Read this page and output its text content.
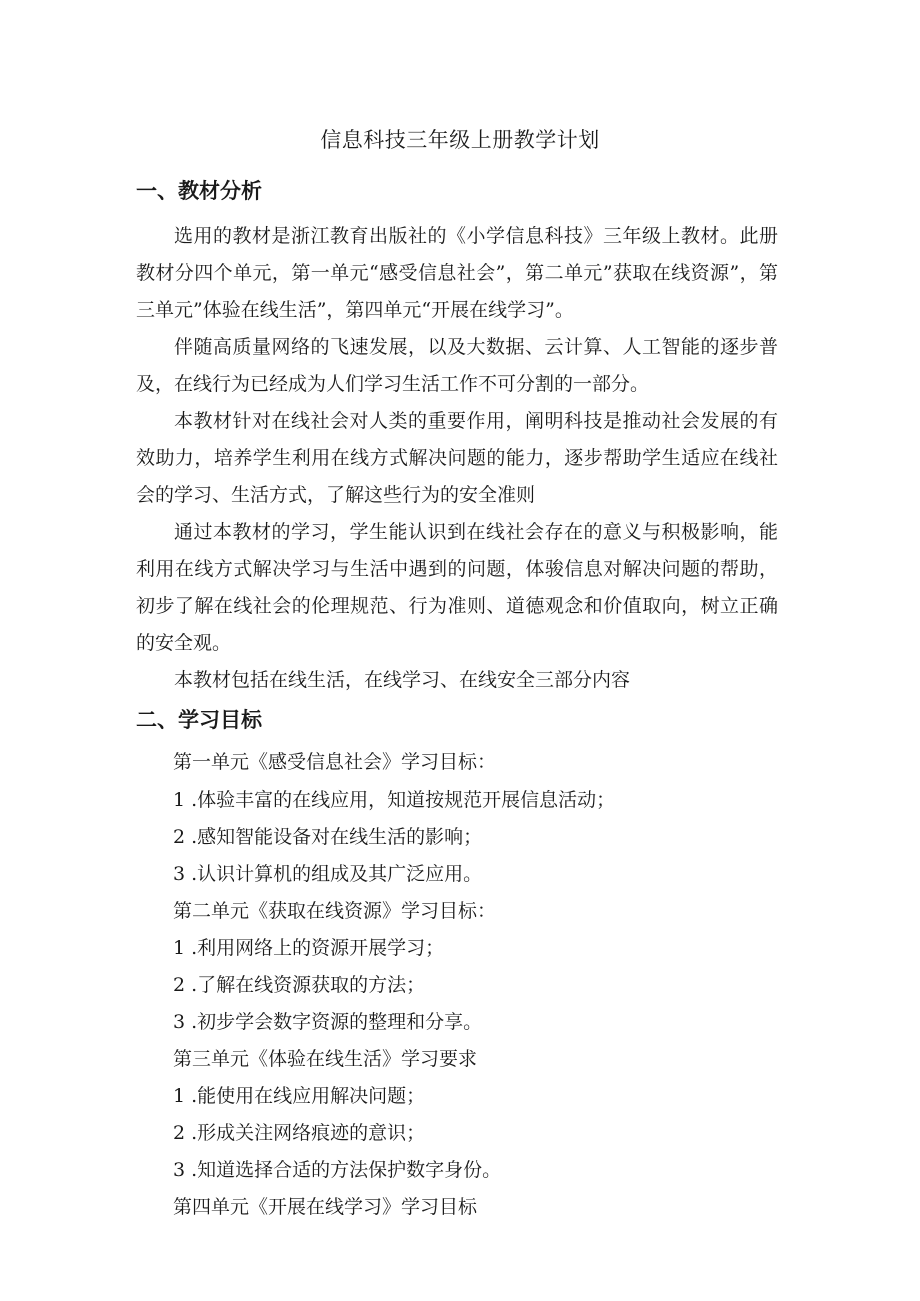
信息科技三年级上册教学计划
一、教材分析

选用的教材是浙江教育出版社的《小学信息科技》三年级上教材。此册教材分四个单元，第一单元“感受信息社会”，第二单元”获取在线资源”，第三单元”体验在线生活”，第四单元“开展在线学习”。

伴随高质量网络的飞速发展，以及大数据、云计算、人工智能的逐步普及，在线行为已经成为人们学习生活工作不可分割的一部分。

本教材针对在线社会对人类的重要作用，阐明科技是推动社会发展的有效助力，培养学生利用在线方式解决问题的能力，逐步帮助学生适应在线社会的学习、生活方式，了解这些行为的安全准则

通过本教材的学习，学生能认识到在线社会存在的意义与积极影响，能利用在线方式解决学习与生活中遇到的问题，体骏信息对解决问题的帮助，初步了解在线社会的伦理规范、行为准则、道德观念和价值取向，树立正确的安全观。

本教材包括在线生活，在线学习、在线安全三部分内容

二、学习目标

第一单元《感受信息社会》学习目标：

1 .体验丰富的在线应用，知道按规范开展信息活动；

2 .感知智能设备对在线生活的影响；

3 .认识计算机的组成及其广泛应用。

第二单元《获取在线资源》学习目标：

1 .利用网络上的资源开展学习；

2 .了解在线资源获取的方法；

3 .初步学会数字资源的整理和分享。

第三单元《体验在线生活》学习要求

1 .能使用在线应用解决问题；

2 .形成关注网络痕迹的意识；

3 .知道选择合适的方法保护数字身份。

第四单元《开展在线学习》学习目标
